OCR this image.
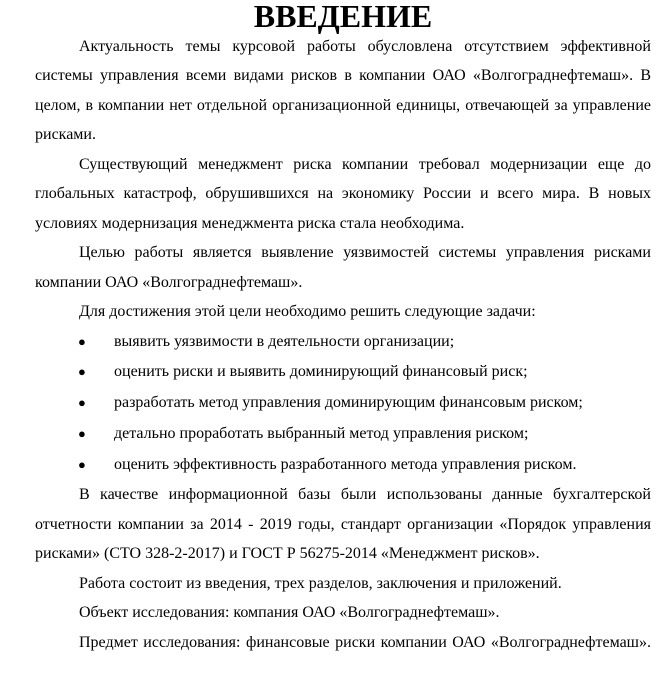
ВВЕДЕНИЕ

Актуальность темы курсовой работы обусловлена отсутствием эффективной системы управления всеми видами рисков в компании ОАО «Волгограднефтемаш». В целом, в компании нет отдельной организационной единицы, отвечающей за управление рисками.

Существующий менеджмент риска компании требовал модернизации еще до глобальных катастроф, обрушившихся на экономику России и всего мира. В новых условиях модернизация менеджмента риска стала необходима.

Целью работы является выявление уязвимостей системы управления рисками компании ОАО «Волгограднефтемаш».

Для достижения этой цели необходимо решить следующие задачи:

● выявить уязвимости в деятельности организации;
● оценить риски и выявить доминирующий финансовый риск;
● разработать метод управления доминирующим финансовым риском;
● детально проработать выбранный метод управления риском;
● оценить эффективность разработанного метода управления риском.

В качестве информационной базы были использованы данные бухгалтерской отчетности компании за 2014 - 2019 годы, стандарт организации «Порядок управления рисками» (СТО 328-2-2017) и ГОСТ Р 56275-2014 «Менеджмент рисков».

Работа состоит из введения, трех разделов, заключения и приложений.

Объект исследования: компания ОАО «Волгограднефтемаш».

Предмет исследования: финансовые риски компании ОАО «Волгограднефтемаш».
